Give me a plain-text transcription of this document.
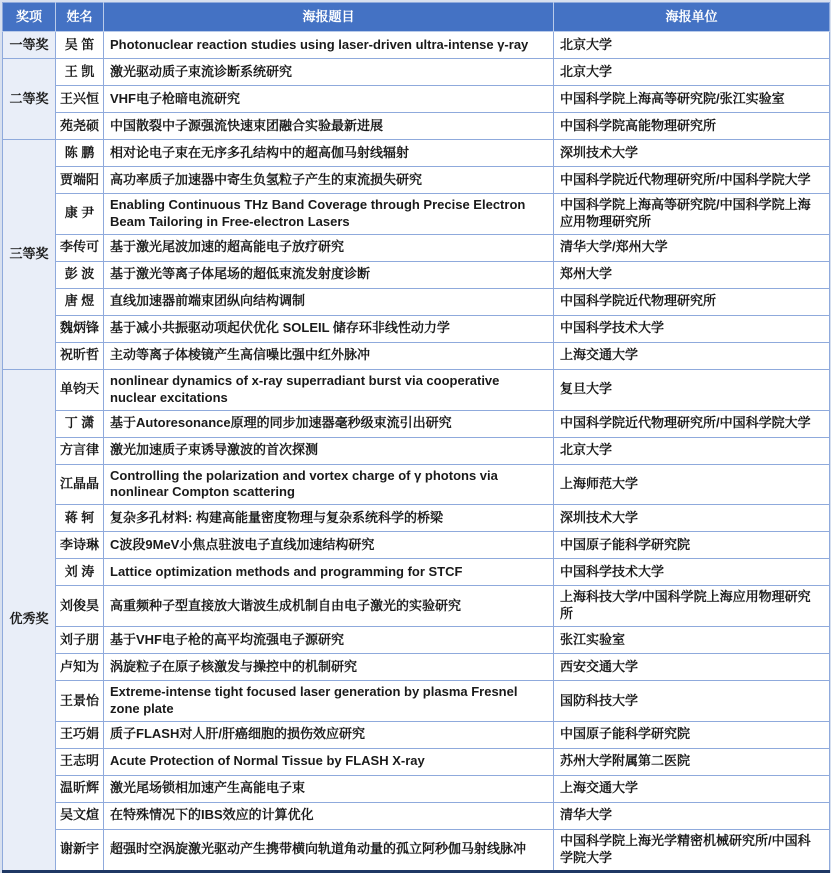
奖项	姓名	海报题目	海报单位
一等奖	吴 笛	Photonuclear reaction studies using laser-driven ultra-intense γ-ray	北京大学
二等奖	王 凯	激光驱动质子束流诊断系统研究	北京大学
	王兴恒	VHF电子枪暗电流研究	中国科学院上海高等研究院/张江实验室
	苑尧硕	中国散裂中子源强流快速束团融合实验最新进展	中国科学院高能物理研究所
三等奖	陈 鹏	相对论电子束在无序多孔结构中的超高伽马射线辐射	深圳技术大学
	贾端阳	高功率质子加速器中寄生负氢粒子产生的束流损失研究	中国科学院近代物理研究所/中国科学院大学
	康 尹	Enabling Continuous THz Band Coverage through Precise Electron Beam Tailoring in Free-electron Lasers	中国科学院上海高等研究院/中国科学院上海应用物理研究所
	李传可	基于激光尾波加速的超高能电子放疗研究	清华大学/郑州大学
	彭 波	基于激光等离子体尾场的超低束流发射度诊断	郑州大学
	唐 煜	直线加速器前端束团纵向结构调制	中国科学院近代物理研究所
	魏炳锋	基于减小共振驱动项起伏优化 SOLEIL 储存环非线性动力学	中国科学技术大学
	祝昕哲	主动等离子体棱镜产生高信噪比强中红外脉冲	上海交通大学
优秀奖	单钧天	nonlinear dynamics of x-ray superradiant burst via cooperative nuclear excitations	复旦大学
	丁 潇	基于Autoresonance原理的同步加速器毫秒级束流引出研究	中国科学院近代物理研究所/中国科学院大学
	方言律	激光加速质子束诱导激波的首次探测	北京大学
	江晶晶	Controlling the polarization and vortex charge of γ photons via nonlinear Compton scattering	上海师范大学
	蒋 轲	复杂多孔材料: 构建高能量密度物理与复杂系统科学的桥梁	深圳技术大学
	李诗琳	C波段9MeV小焦点驻波电子直线加速结构研究	中国原子能科学研究院
	刘 涛	Lattice optimization methods and programming for STCF	中国科学技术大学
	刘俊昊	高重频种子型直接放大谐波生成机制自由电子激光的实验研究	上海科技大学/中国科学院上海应用物理研究所
	刘子朋	基于VHF电子枪的高平均流强电子源研究	张江实验室
	卢知为	涡旋粒子在原子核激发与操控中的机制研究	西安交通大学
	王景怡	Extreme-intense tight focused laser generation by plasma Fresnel zone plate	国防科技大学
	王巧娟	质子FLASH对人肝/肝癌细胞的损伤效应研究	中国原子能科学研究院
	王志明	Acute Protection of Normal Tissue by FLASH X-ray	苏州大学附属第二医院
	温昕辉	激光尾场锁相加速产生高能电子束	上海交通大学
	吴文煊	在特殊情况下的IBS效应的计算优化	清华大学
	谢新宇	超强时空涡旋激光驱动产生携带横向轨道角动量的孤立阿秒伽马射线脉冲	中国科学院上海光学精密机械研究所/中国科学院大学
